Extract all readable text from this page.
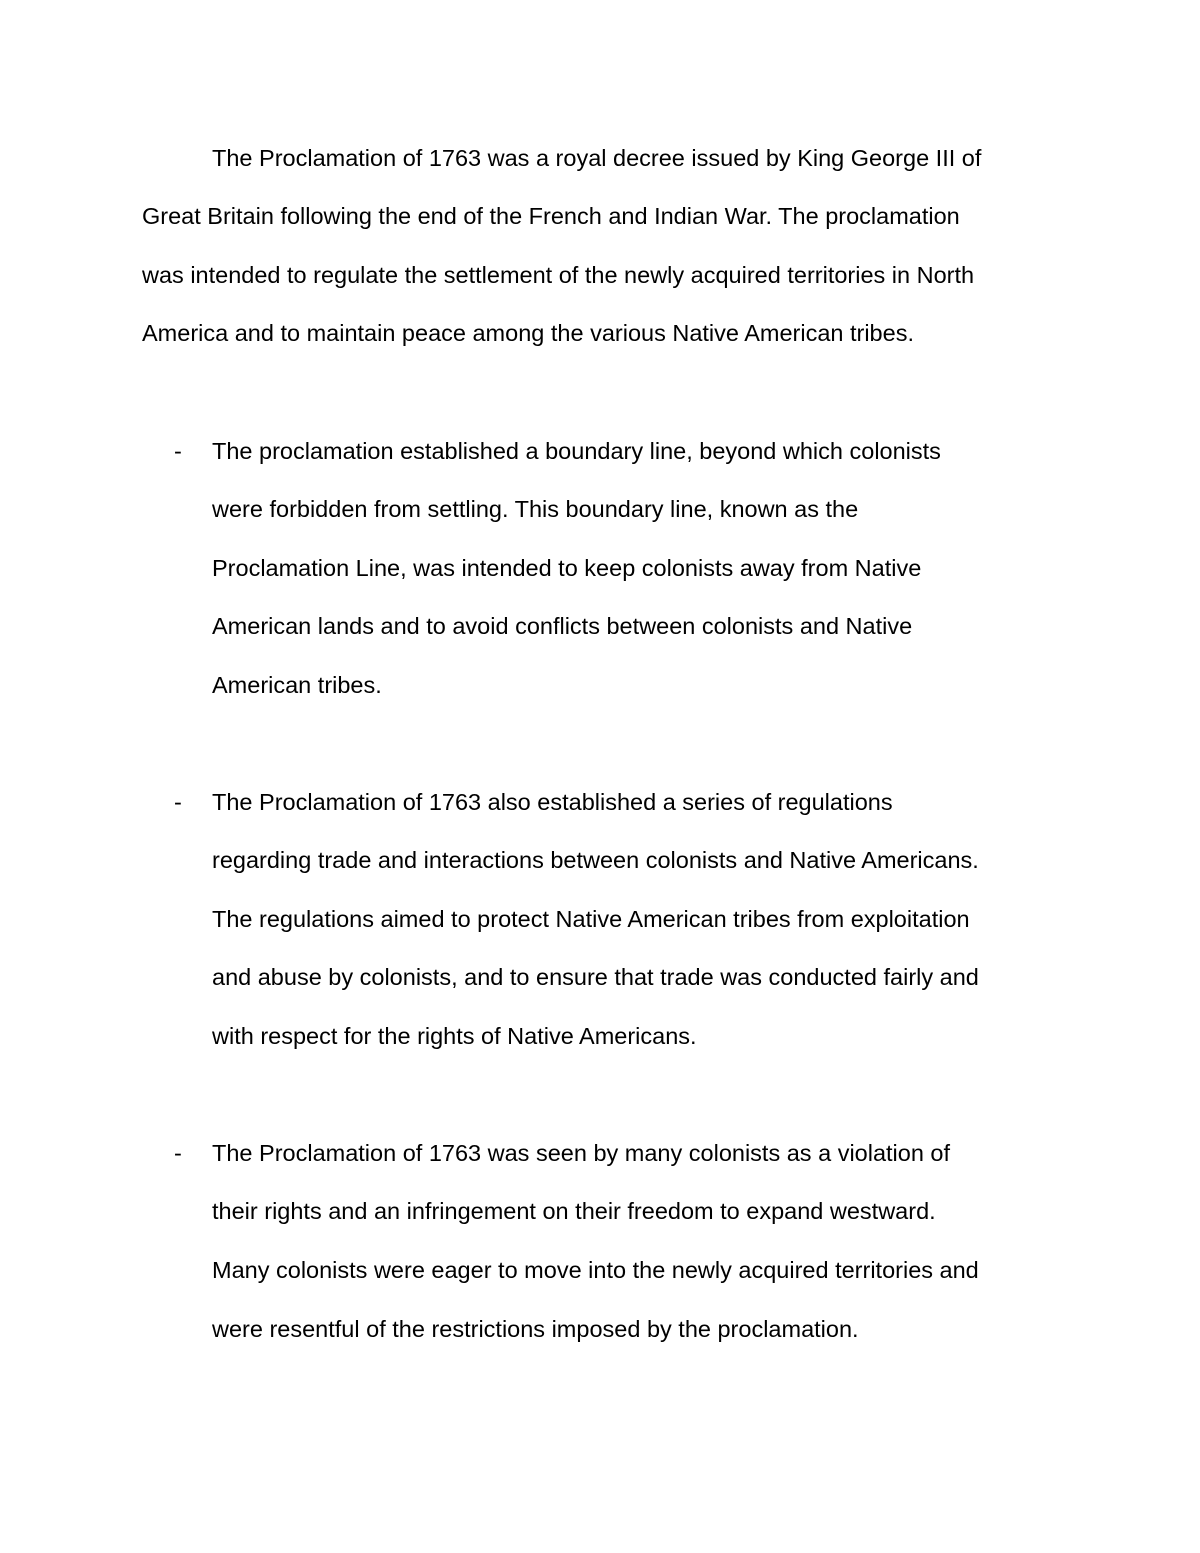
The Proclamation of 1763 was a royal decree issued by King George III of
Great Britain following the end of the French and Indian War. The proclamation
was intended to regulate the settlement of the newly acquired territories in North
America and to maintain peace among the various Native American tribes.
- The proclamation established a boundary line, beyond which colonists
were forbidden from settling. This boundary line, known as the
Proclamation Line, was intended to keep colonists away from Native
American lands and to avoid conflicts between colonists and Native
American tribes.
- The Proclamation of 1763 also established a series of regulations
regarding trade and interactions between colonists and Native Americans.
The regulations aimed to protect Native American tribes from exploitation
and abuse by colonists, and to ensure that trade was conducted fairly and
with respect for the rights of Native Americans.
- The Proclamation of 1763 was seen by many colonists as a violation of
their rights and an infringement on their freedom to expand westward.
Many colonists were eager to move into the newly acquired territories and
were resentful of the restrictions imposed by the proclamation.
